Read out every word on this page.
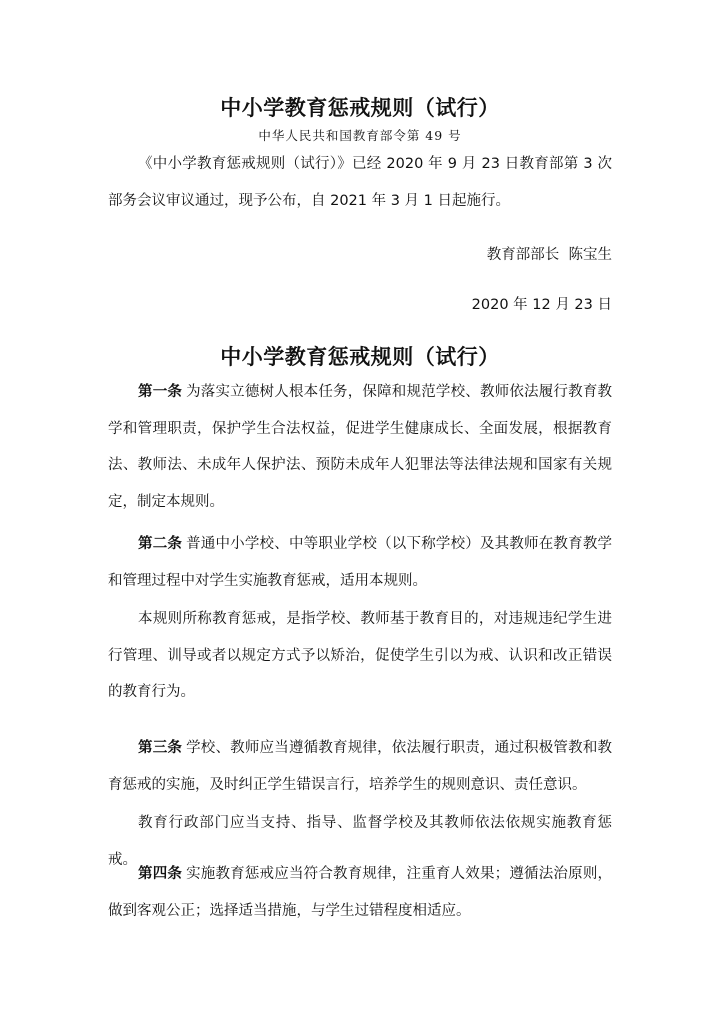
中小学教育惩戒规则（试行）
中华人民共和国教育部令第 49 号

《中小学教育惩戒规则（试行）》已经 2020 年 9 月 23 日教育部第 3 次部务会议审议通过，现予公布，自 2021 年 3 月 1 日起施行。

教育部部长  陈宝生
2020 年 12 月 23 日
中小学教育惩戒规则（试行）

第一条 为落实立德树人根本任务，保障和规范学校、教师依法履行教育教学和管理职责，保护学生合法权益，促进学生健康成长、全面发展，根据教育法、教师法、未成年人保护法、预防未成年人犯罪法等法律法规和国家有关规定，制定本规则。

第二条 普通中小学校、中等职业学校（以下称学校）及其教师在教育教学和管理过程中对学生实施教育惩戒，适用本规则。

本规则所称教育惩戒，是指学校、教师基于教育目的，对违规违纪学生进行管理、训导或者以规定方式予以矫治，促使学生引以为戒、认识和改正错误的教育行为。

第三条 学校、教师应当遵循教育规律，依法履行职责，通过积极管教和教育惩戒的实施，及时纠正学生错误言行，培养学生的规则意识、责任意识。

教育行政部门应当支持、指导、监督学校及其教师依法依规实施教育惩戒。

第四条 实施教育惩戒应当符合教育规律，注重育人效果；遵循法治原则，做到客观公正；选择适当措施，与学生过错程度相适应。
